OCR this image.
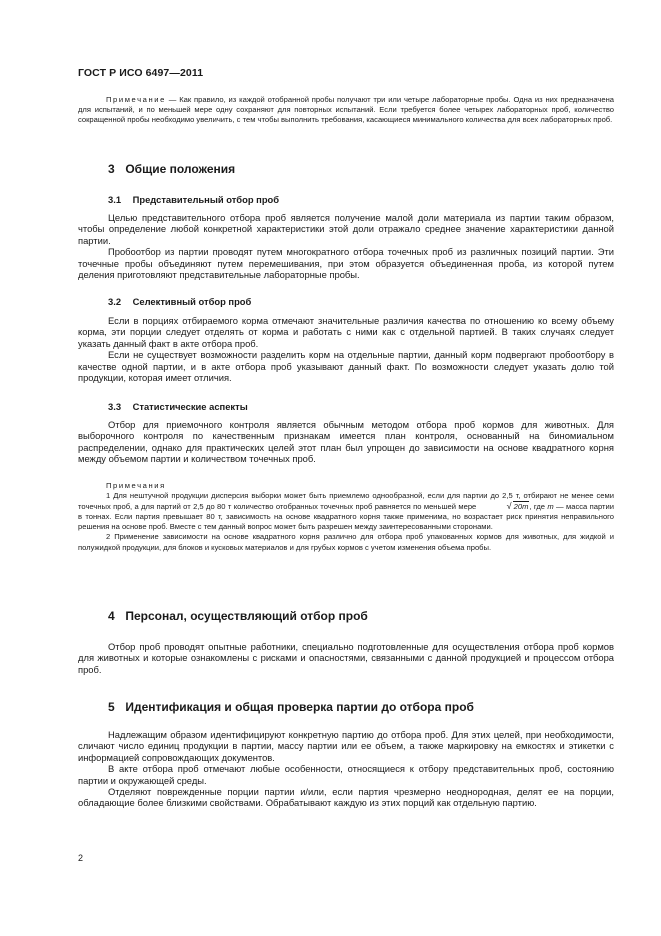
ГОСТ Р ИСО 6497—2011

Примечание — Как правило, из каждой отобранной пробы получают три или четыре лабораторные пробы. Одна из них предназначена для испытаний, и по меньшей мере одну сохраняют для повторных испытаний. Если требуется более четырех лабораторных проб, количество сокращенной пробы необходимо увеличить, с тем чтобы выполнить требования, касающиеся минимального количества для всех лабораторных проб.

3 Общие положения
3.1 Представительный отбор проб

Целью представительного отбора проб является получение малой доли материала из партии таким образом, чтобы определение любой конкретной характеристики этой доли отражало среднее значение характеристики данной партии.

Пробоотбор из партии проводят путем многократного отбора точечных проб из различных позиций партии. Эти точечные пробы объединяют путем перемешивания, при этом образуется объединенная проба, из которой путем деления приготовляют представительные лабораторные пробы.

3.2 Селективный отбор проб

Если в порциях отбираемого корма отмечают значительные различия качества по отношению ко всему объему корма, эти порции следует отделять от корма и работать с ними как с отдельной партией. В таких случаях следует указать данный факт в акте отбора проб.

Если не существует возможности разделить корм на отдельные партии, данный корм подвергают пробоотбору в качестве одной партии, и в акте отбора проб указывают данный факт. По возможности следует указать долю той продукции, которая имеет отличия.

3.3 Статистические аспекты

Отбор для приемочного контроля является обычным методом отбора проб кормов для животных. Для выборочного контроля по качественным признакам имеется план контроля, основанный на биномиальном распределении, однако для практических целей этот план был упрощен до зависимости на основе квадратного корня между объемом партии и количеством точечных проб.

Примечания

1 Для нештучной продукции дисперсия выборки может быть приемлемо однообразной, если для партии до 2,5 т, отбирают не менее семи точечных проб, а для партий от 2,5 до 80 т количество отобранных точечных проб равняется по меньшей мере √	20m, где m — масса партии в тоннах. Если партия превышает 80 т, зависимость на основе квадратного корня также применима, но возрастает риск принятия неправильного решения на основе проб. Вместе с тем данный вопрос может быть разрешен между заинтересованными сторонами.

2 Применение зависимости на основе квадратного корня различно для отбора проб упакованных кормов для животных, для жидкой и полужидкой продукции, для блоков и кусковых материалов и для грубых кормов с учетом изменения объема пробы.

4 Персонал, осуществляющий отбор проб

Отбор проб проводят опытные работники, специально подготовленные для осуществления отбора проб кормов для животных и которые ознакомлены с рисками и опасностями, связанными с данной продукцией и процессом отбора проб.

5 Идентификация и общая проверка партии до отбора проб

Надлежащим образом идентифицируют конкретную партию до отбора проб. Для этих целей, при необходимости, сличают число единиц продукции в партии, массу партии или ее объем, а также маркировку на емкостях и этикетки с информацией сопровождающих документов.

В акте отбора проб отмечают любые особенности, относящиеся к отбору представительных проб, состоянию партии и окружающей среды.

Отделяют поврежденные порции партии и/или, если партия чрезмерно неоднородная, делят ее на порции, обладающие более близкими свойствами. Обрабатывают каждую из этих порций как отдельную партию.

2
